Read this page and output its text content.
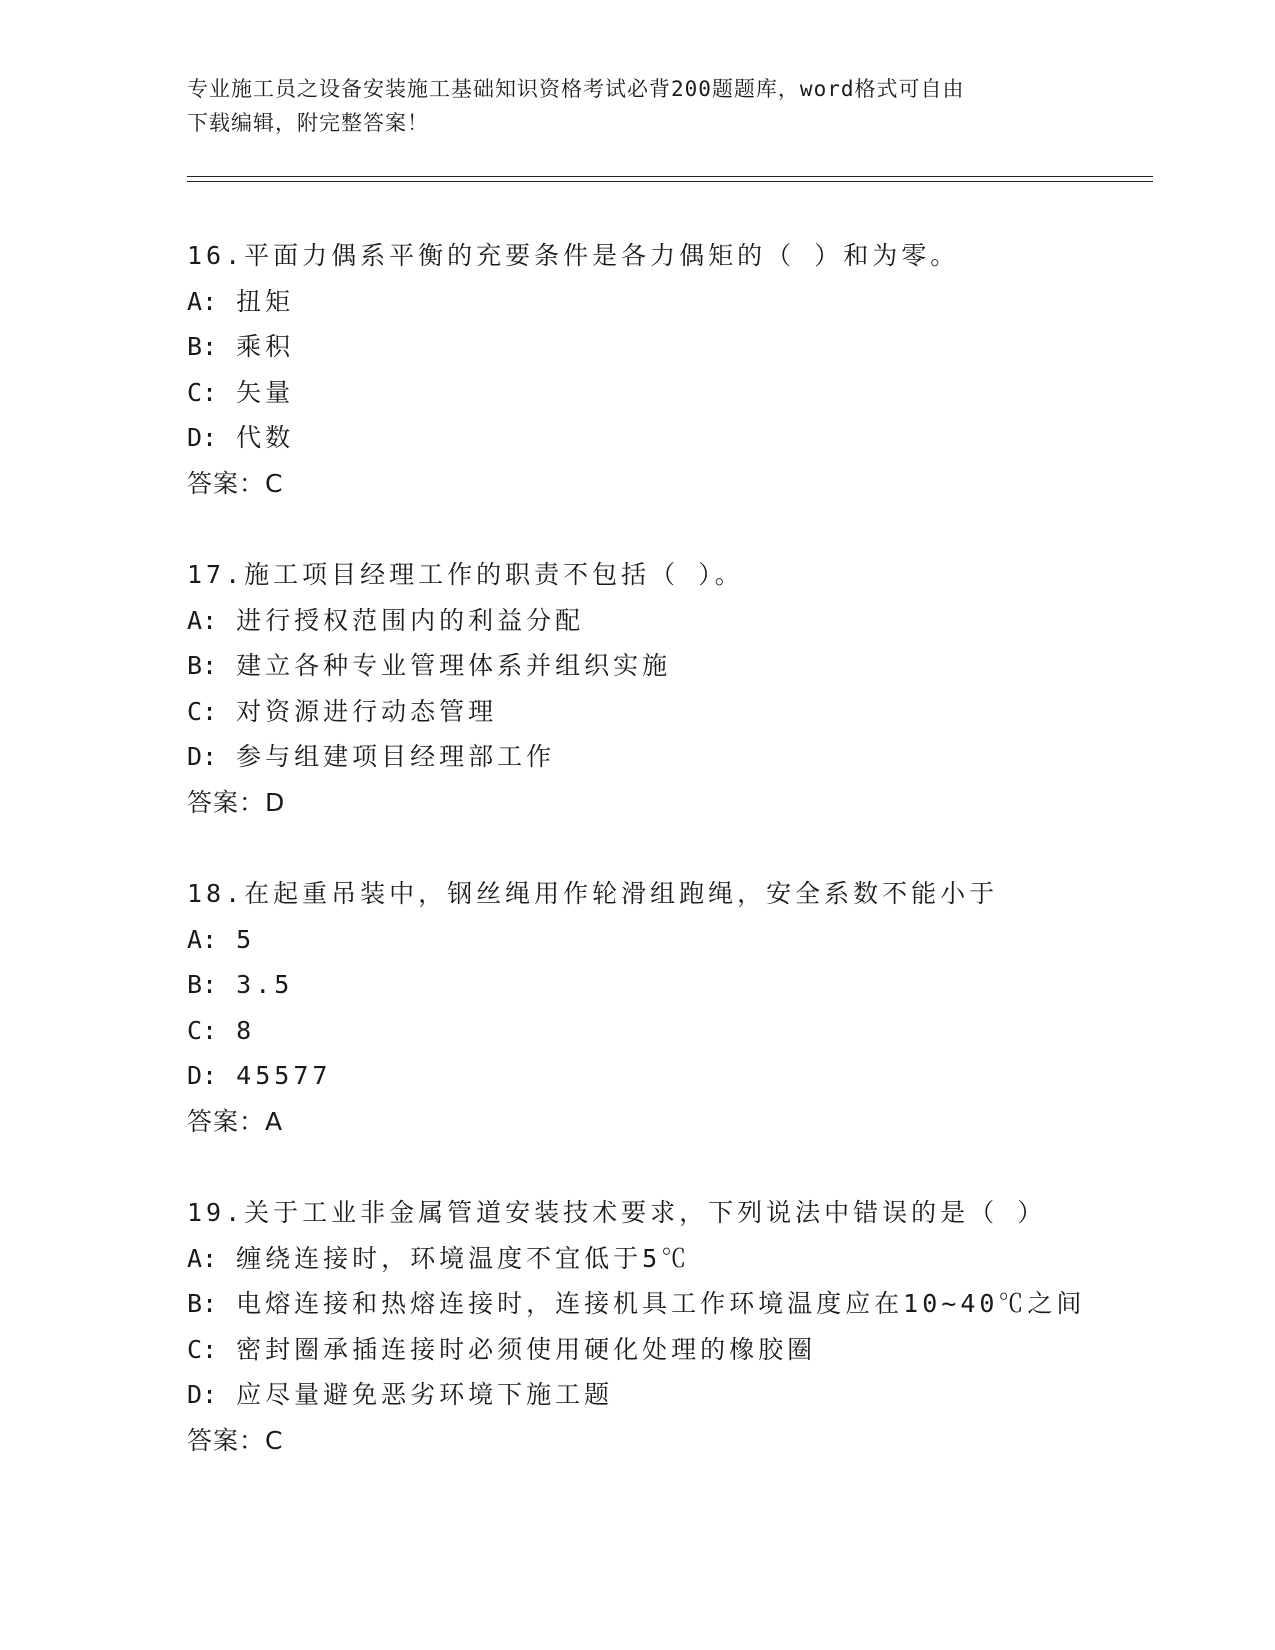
专业施工员之设备安装施工基础知识资格考试必背200题题库，word格式可自由
下载编辑，附完整答案！
16.平面力偶系平衡的充要条件是各力偶矩的（ ）和为零。
A: 扭矩
B: 乘积
C: 矢量
D: 代数
答案：C
17.施工项目经理工作的职责不包括（ ）。
A: 进行授权范围内的利益分配
B: 建立各种专业管理体系并组织实施
C: 对资源进行动态管理
D: 参与组建项目经理部工作
答案：D
18.在起重吊装中，钢丝绳用作轮滑组跑绳，安全系数不能小于
A: 5
B: 3.5
C: 8
D: 45577
答案：A
19.关于工业非金属管道安装技术要求，下列说法中错误的是（ ）
A: 缠绕连接时，环境温度不宜低于5℃
B: 电熔连接和热熔连接时，连接机具工作环境温度应在10~40℃之间
C: 密封圈承插连接时必须使用硬化处理的橡胶圈
D: 应尽量避免恶劣环境下施工题
答案：C
